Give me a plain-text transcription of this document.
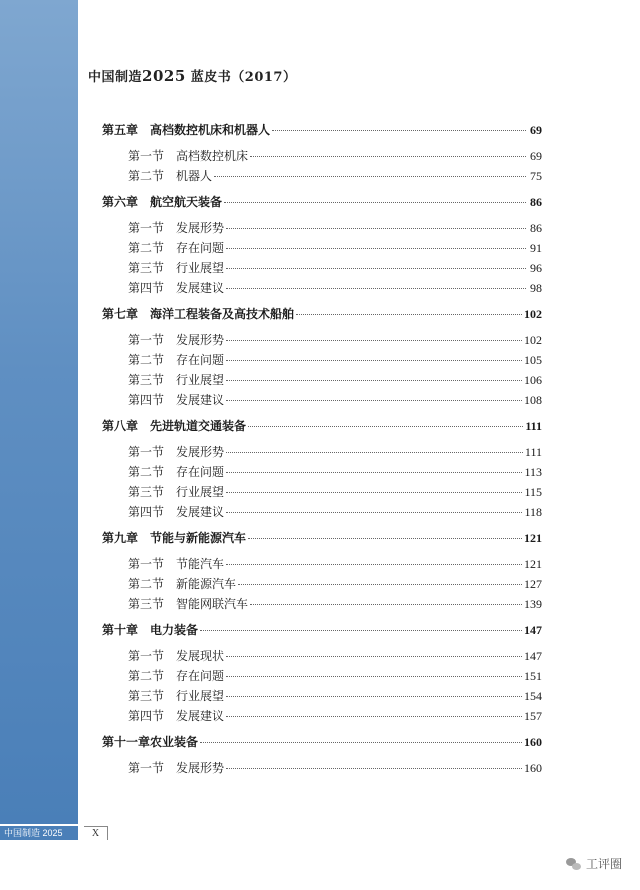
中国制造2025 蓝皮书（2017）
第五章 高档数控机床和机器人	69
第一节 高档数控机床	69
第二节 机器人	75
第六章 航空航天装备	86
第一节 发展形势	86
第二节 存在问题	91
第三节 行业展望	96
第四节 发展建议	98
第七章 海洋工程装备及高技术船舶	102
第一节 发展形势	102
第二节 存在问题	105
第三节 行业展望	106
第四节 发展建议	108
第八章 先进轨道交通装备	111
第一节 发展形势	111
第二节 存在问题	113
第三节 行业展望	115
第四节 发展建议	118
第九章 节能与新能源汽车	121
第一节 节能汽车	121
第二节 新能源汽车	127
第三节 智能网联汽车	139
第十章 电力装备	147
第一节 发展现状	147
第二节 存在问题	151
第三节 行业展望	154
第四节 发展建议	157
第十一章农业装备	160
第一节 发展形势	160
中国制造 2025	X
工评圈
